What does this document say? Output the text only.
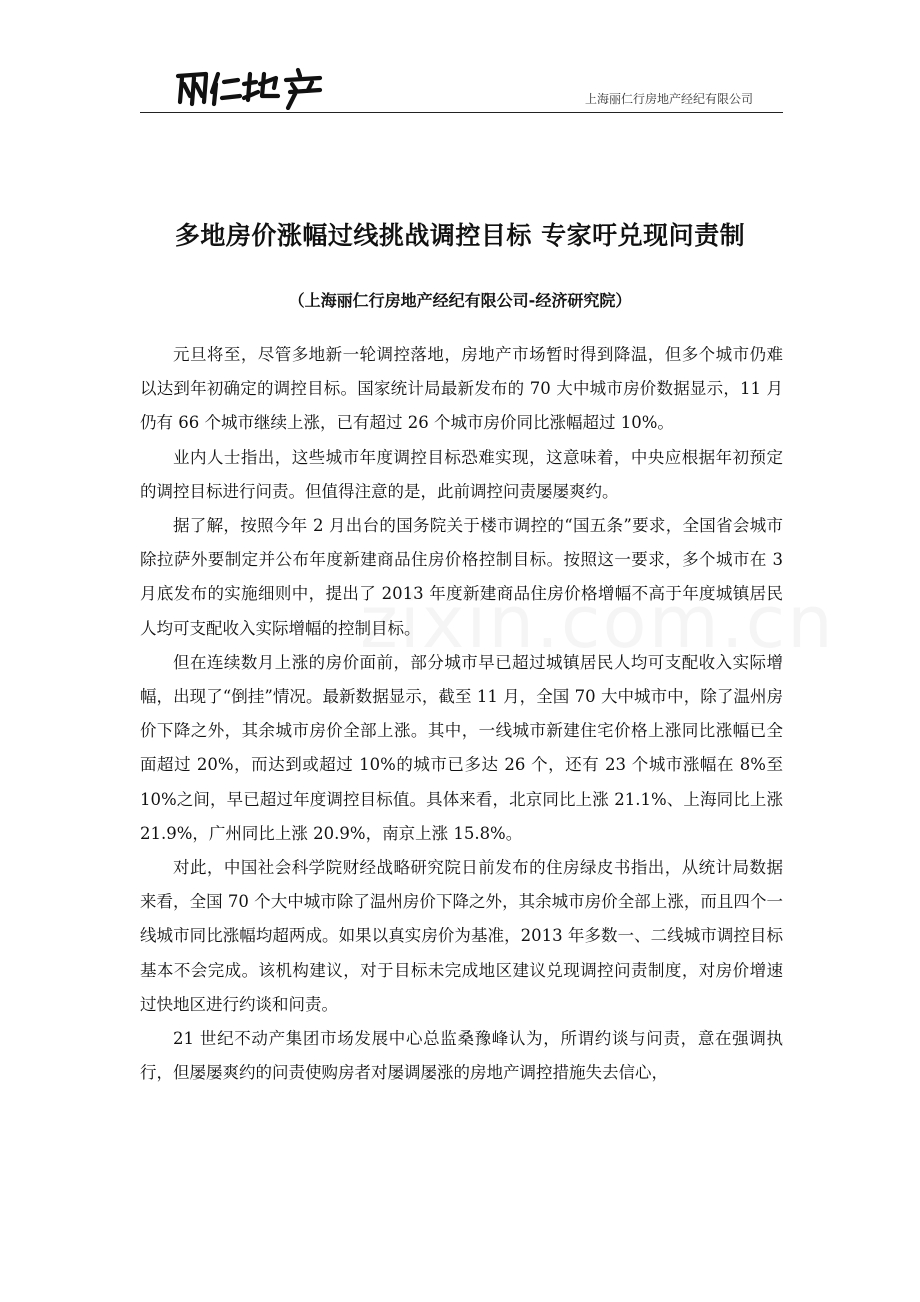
上海丽仁行房地产经纪有限公司
多地房价涨幅过线挑战调控目标 专家吁兑现问责制
（上海丽仁行房地产经纪有限公司-经济研究院）

元旦将至，尽管多地新一轮调控落地，房地产市场暂时得到降温，但多个城市仍难以达到年初确定的调控目标。国家统计局最新发布的 70 大中城市房价数据显示，11 月仍有 66 个城市继续上涨，已有超过 26 个城市房价同比涨幅超过 10%。

业内人士指出，这些城市年度调控目标恐难实现，这意味着，中央应根据年初预定的调控目标进行问责。但值得注意的是，此前调控问责屡屡爽约。

据了解，按照今年 2 月出台的国务院关于楼市调控的“国五条”要求，全国省会城市除拉萨外要制定并公布年度新建商品住房价格控制目标。按照这一要求，多个城市在 3 月底发布的实施细则中，提出了 2013 年度新建商品住房价格增幅不高于年度城镇居民人均可支配收入实际增幅的控制目标。

但在连续数月上涨的房价面前，部分城市早已超过城镇居民人均可支配收入实际增幅，出现了“倒挂”情况。最新数据显示，截至 11 月，全国 70 大中城市中，除了温州房价下降之外，其余城市房价全部上涨。其中，一线城市新建住宅价格上涨同比涨幅已全面超过 20%，而达到或超过 10%的城市已多达 26 个，还有 23 个城市涨幅在 8%至 10%之间，早已超过年度调控目标值。具体来看，北京同比上涨 21.1%、上海同比上涨 21.9%，广州同比上涨 20.9%，南京上涨 15.8%。

对此，中国社会科学院财经战略研究院日前发布的住房绿皮书指出，从统计局数据来看，全国 70 个大中城市除了温州房价下降之外，其余城市房价全部上涨，而且四个一线城市同比涨幅均超两成。如果以真实房价为基准，2013 年多数一、二线城市调控目标基本不会完成。该机构建议，对于目标未完成地区建议兑现调控问责制度，对房价增速过快地区进行约谈和问责。

21 世纪不动产集团市场发展中心总监桑豫峰认为，所谓约谈与问责，意在强调执行，但屡屡爽约的问责使购房者对屡调屡涨的房地产调控措施失去信心，
